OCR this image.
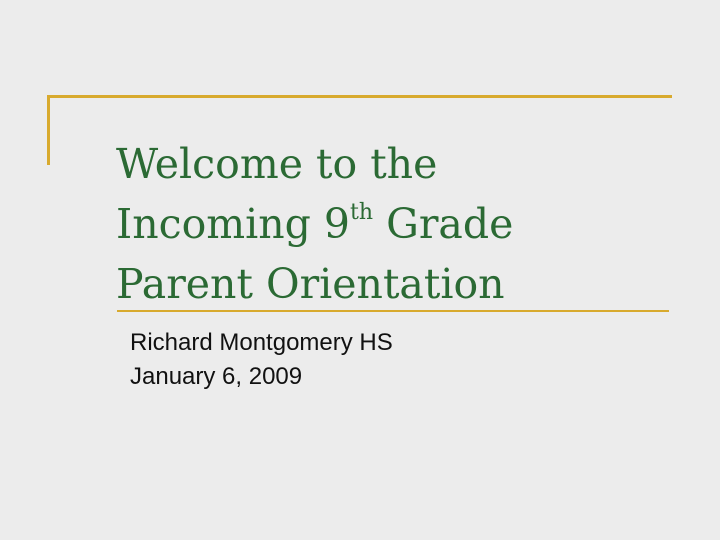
Welcome to the
Incoming 9th Grade
Parent Orientation
Richard Montgomery HS
January 6, 2009
